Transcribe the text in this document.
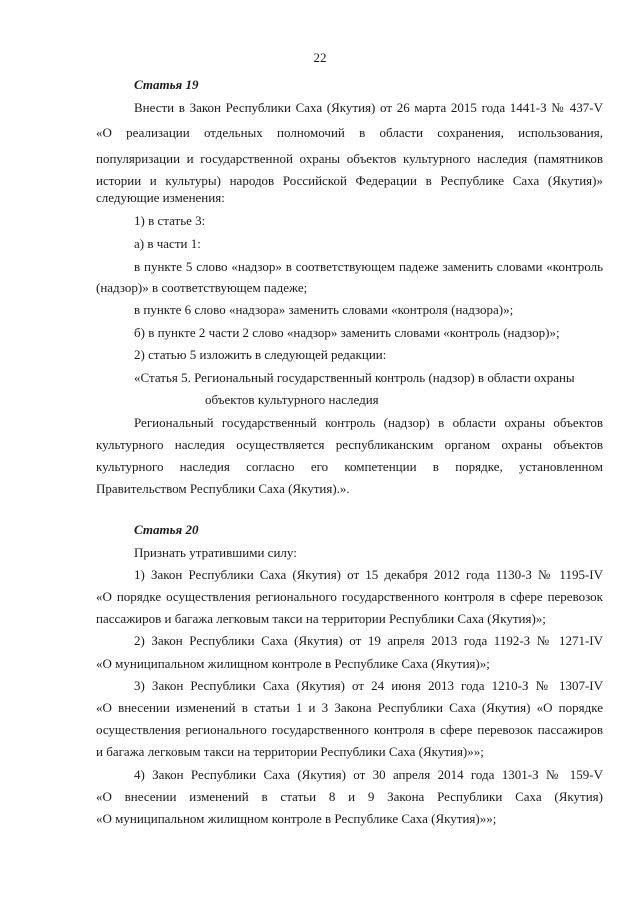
22
Статья 19
Внести в Закон Республики Саха (Якутия) от 26 марта 2015 года 1441-З № 437-V
«О реализации отдельных полномочий в области сохранения, использования,
популяризации и государственной охраны объектов культурного наследия (памятников
истории и культуры) народов Российской Федерации в Республике Саха (Якутия)»
следующие изменения:
1) в статье 3:
а) в части 1:
в пункте 5 слово «надзор» в соответствующем падеже заменить словами «контроль
(надзор)» в соответствующем падеже;
в пункте 6 слово «надзора» заменить словами «контроля (надзора)»;
б) в пункте 2 части 2 слово «надзор» заменить словами «контроль (надзор)»;
2) статью 5 изложить в следующей редакции:
«Статья 5. Региональный государственный контроль (надзор) в области охраны
объектов культурного наследия
Региональный государственный контроль (надзор) в области охраны объектов
культурного наследия осуществляется республиканским органом охраны объектов
культурного наследия согласно его компетенции в порядке, установленном
Правительством Республики Саха (Якутия).».
Статья 20
Признать утратившими силу:
1) Закон Республики Саха (Якутия) от 15 декабря 2012 года 1130-З № 1195-IV
«О порядке осуществления регионального государственного контроля в сфере перевозок
пассажиров и багажа легковым такси на территории Республики Саха (Якутия)»;
2) Закон Республики Саха (Якутия) от 19 апреля 2013 года 1192-З № 1271-IV
«О муниципальном жилищном контроле в Республике Саха (Якутия)»;
3) Закон Республики Саха (Якутия) от 24 июня 2013 года 1210-З № 1307-IV
«О внесении изменений в статьи 1 и 3 Закона Республики Саха (Якутия) «О порядке
осуществления регионального государственного контроля в сфере перевозок пассажиров
и багажа легковым такси на территории Республики Саха (Якутия)»»;
4) Закон Республики Саха (Якутия) от 30 апреля 2014 года 1301-З № 159-V
«О внесении изменений в статьи 8 и 9 Закона Республики Саха (Якутия)
«О муниципальном жилищном контроле в Республике Саха (Якутия)»»;
